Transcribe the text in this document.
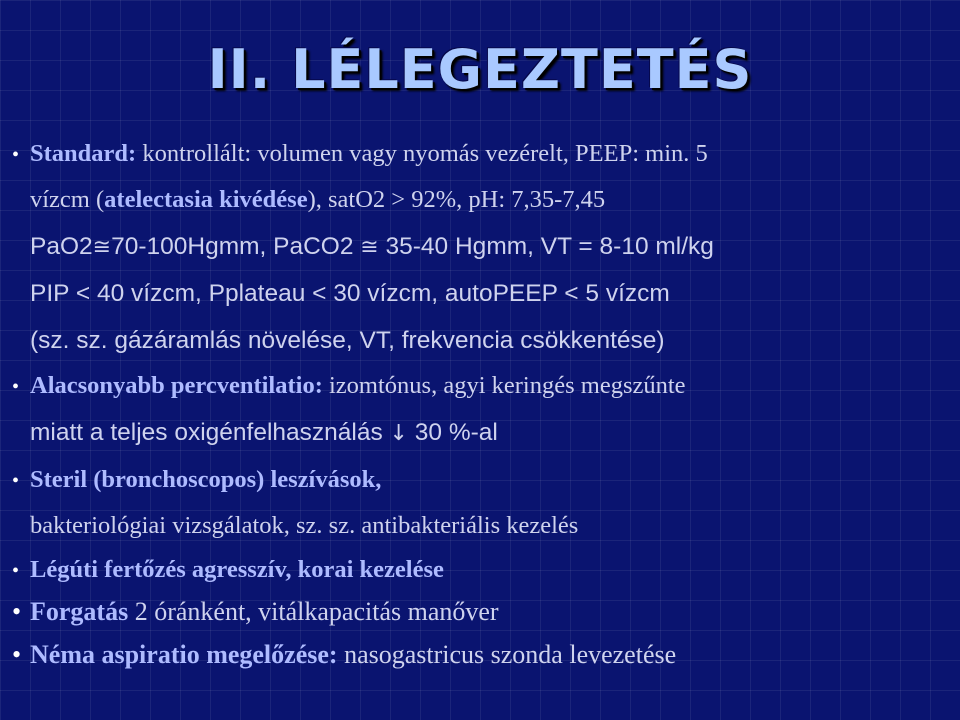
II. LÉLEGEZTETÉS
• Standard: kontrollált: volumen vagy nyomás vezérelt, PEEP: min. 5
vízcm (atelectasia kivédése), satO2 > 92%, pH: 7,35-7,45
PaO2≅70-100Hgmm, PaCO2 ≅ 35-40 Hgmm, VT = 8-10 ml/kg
PIP < 40 vízcm, Pplateau < 30 vízcm, autoPEEP < 5 vízcm
(sz. sz. gázáramlás növelése, VT, frekvencia csökkentése)
• Alacsonyabb percventilatio: izomtónus, agyi keringés megszűnte
miatt a teljes oxigénfelhasználás ↓ 30 %-al
• Steril (bronchoscopos) leszívások,
bakteriológiai vizsgálatok, sz. sz. antibakteriális kezelés
• Légúti fertőzés agresszív, korai kezelése
• Forgatás 2 óránként, vitálkapacitás manőver
• Néma aspiratio megelőzése: nasogastricus szonda levezetése
